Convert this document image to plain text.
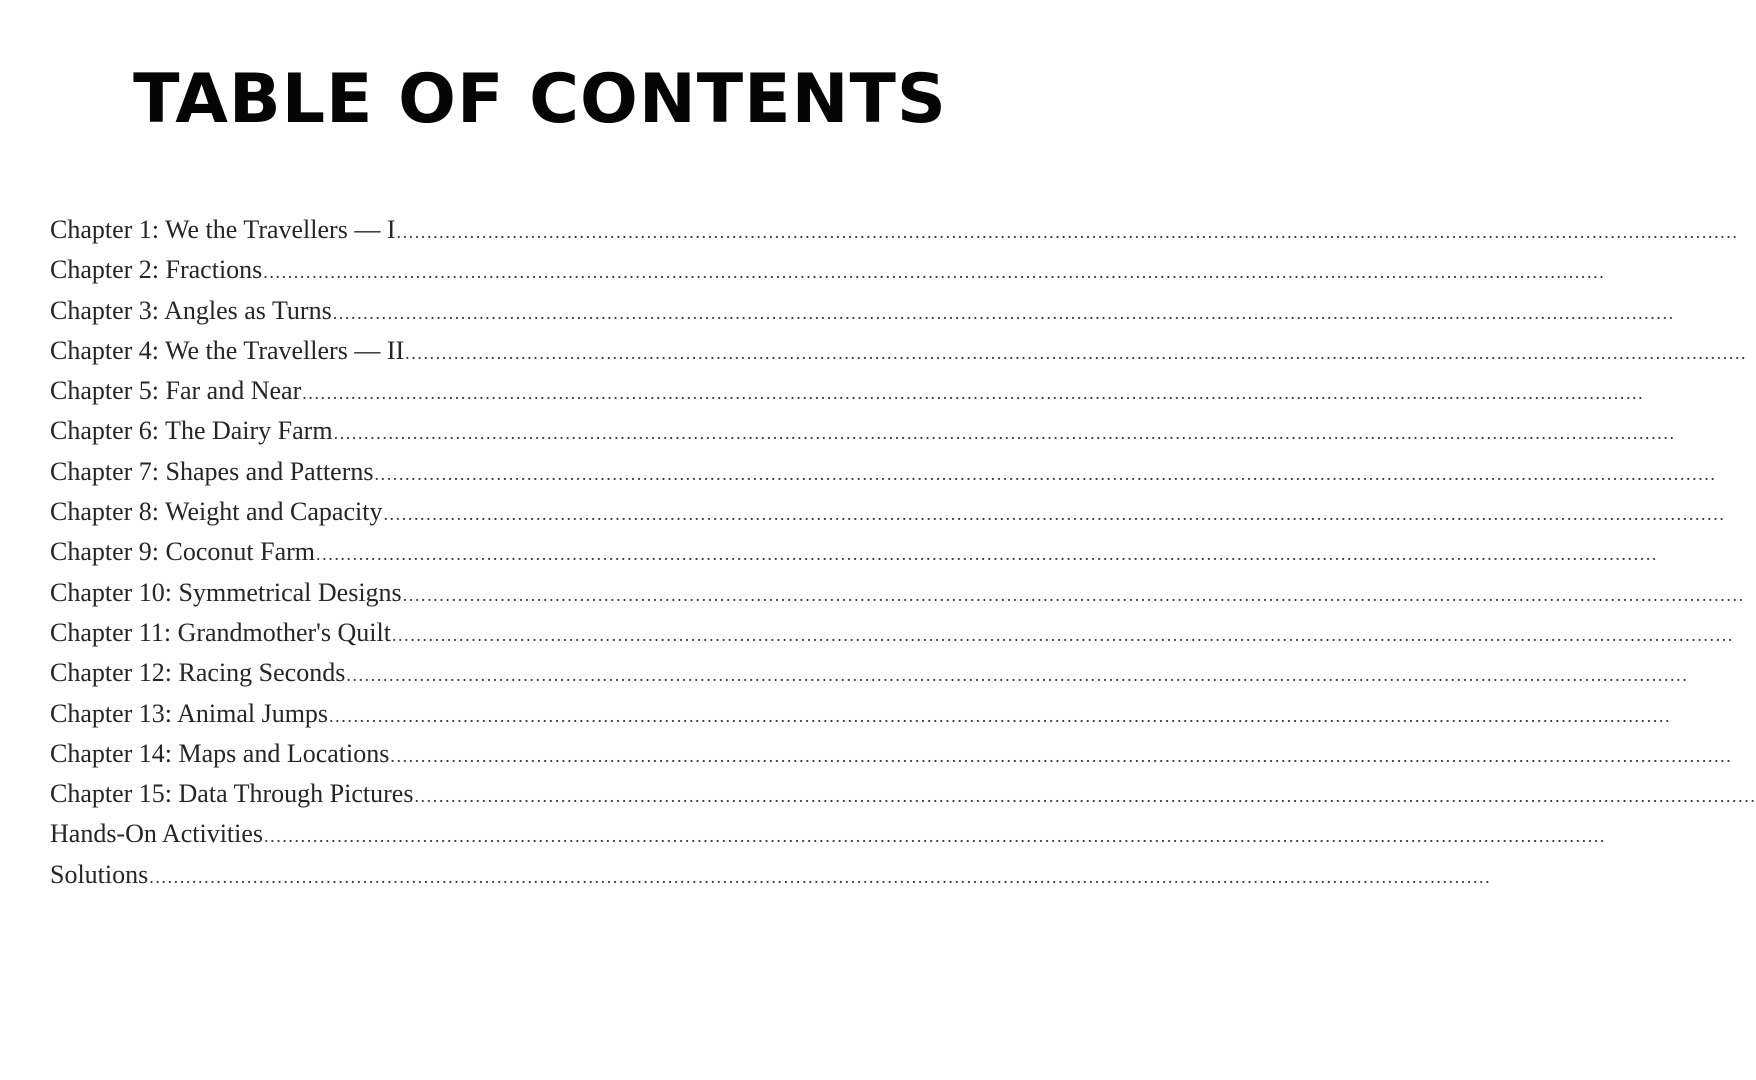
TABLE OF CONTENTS
Chapter 1: We the Travellers — I ............................................................................................................................................................................................................................
Chapter 2: Fractions ............................................................................................................................................................................................................................
Chapter 3: Angles as Turns ............................................................................................................................................................................................................................
Chapter 4: We the Travellers — II ............................................................................................................................................................................................................................
Chapter 5: Far and Near ............................................................................................................................................................................................................................
Chapter 6: The Dairy Farm ............................................................................................................................................................................................................................
Chapter 7: Shapes and Patterns ............................................................................................................................................................................................................................
Chapter 8: Weight and Capacity ............................................................................................................................................................................................................................
Chapter 9: Coconut Farm ............................................................................................................................................................................................................................
Chapter 10: Symmetrical Designs ............................................................................................................................................................................................................................
Chapter 11: Grandmother's Quilt ............................................................................................................................................................................................................................
Chapter 12: Racing Seconds ............................................................................................................................................................................................................................
Chapter 13: Animal Jumps ............................................................................................................................................................................................................................
Chapter 14: Maps and Locations ............................................................................................................................................................................................................................
Chapter 15: Data Through Pictures ............................................................................................................................................................................................................................
Hands-On Activities ............................................................................................................................................................................................................................
Solutions ............................................................................................................................................................................................................................
